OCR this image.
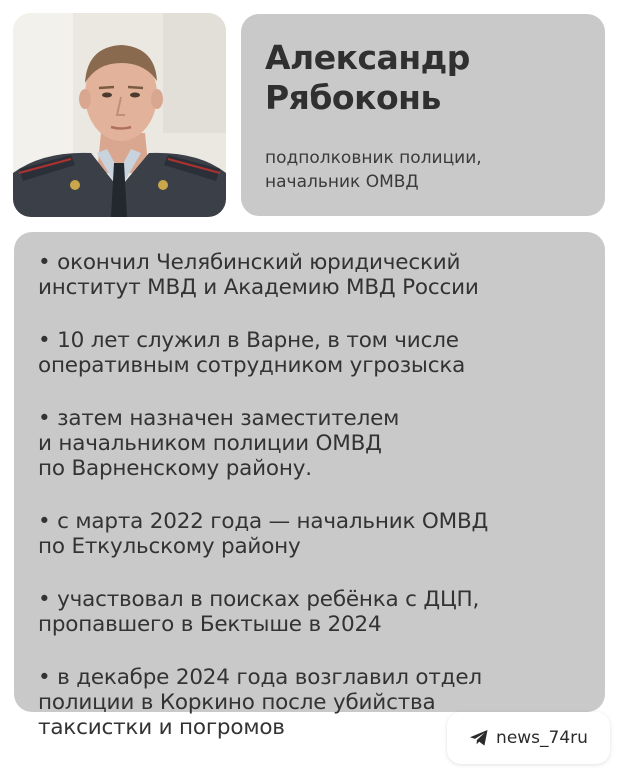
Александр
Рябоконь
подполковник полиции,
начальник ОМВД
• окончил Челябинский юридический
институт МВД и Академию МВД России
• 10 лет служил в Варне, в том числе
оперативным сотрудником угрозыска
• затем назначен заместителем
и начальником полиции ОМВД
по Варненскому району.
• с марта 2022 года — начальник ОМВД
по Еткульскому району
• участвовал в поисках ребёнка с ДЦП,
пропавшего в Бектыше в 2024
• в декабре 2024 года возглавил отдел
полиции в Коркино после убийства
таксистки и погромов	news_74ru
